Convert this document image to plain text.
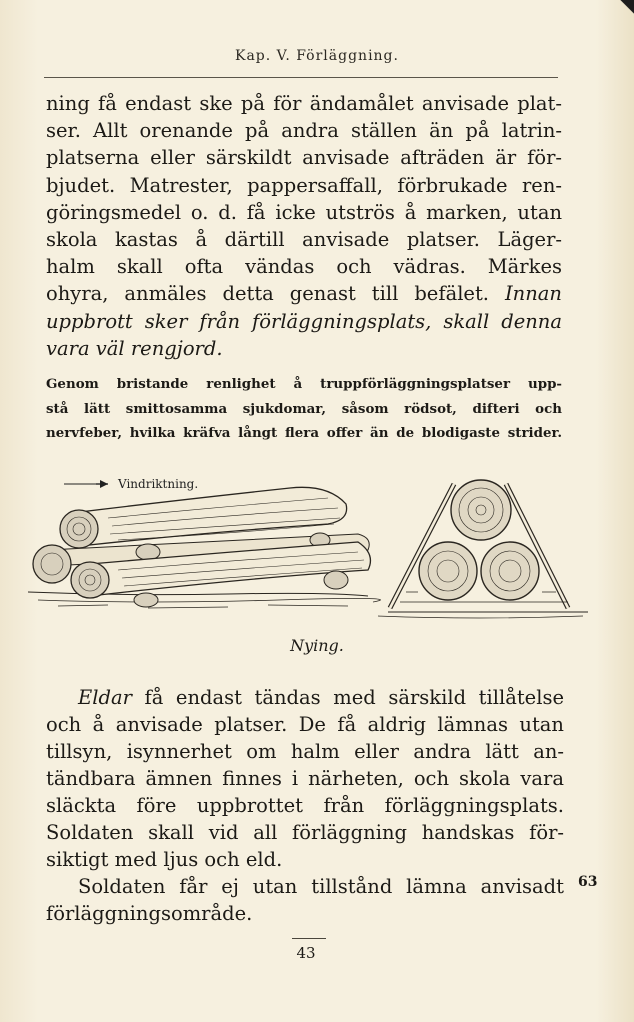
Kap. V. Förläggning.
ning få endast ske på för ändamålet anvisade plat-
ser. Allt orenande på andra ställen än på latrin-
platserna eller särskildt anvisade afträden är för-
bjudet. Matrester, pappersaffall, förbrukade ren-
göringsmedel o. d. få icke utströs å marken, utan
skola kastas å därtill anvisade platser. Läger-
halm skall ofta vändas och vädras. Märkes
ohyra, anmäles detta genast till befälet. Innan
uppbrott sker från förläggningsplats, skall denna
vara väl rengjord.
Genom bristande renlighet å truppförläggningsplatser upp-
stå lätt smittosamma sjukdomar, såsom rödsot, difteri och
nervfeber, hvilka kräfva långt flera offer än de blodigaste strider.
Vindriktning.
Nying.
Eldar få endast tändas med särskild tillåtelse
och å anvisade platser. De få aldrig lämnas utan
tillsyn, isynnerhet om halm eller andra lätt an-
tändbara ämnen finnes i närheten, och skola vara
släckta före uppbrottet från förläggningsplats.
Soldaten skall vid all förläggning handskas för-
siktigt med ljus och eld.
Soldaten får ej utan tillstånd lämna anvisadt
förläggningsområde.
63
43
